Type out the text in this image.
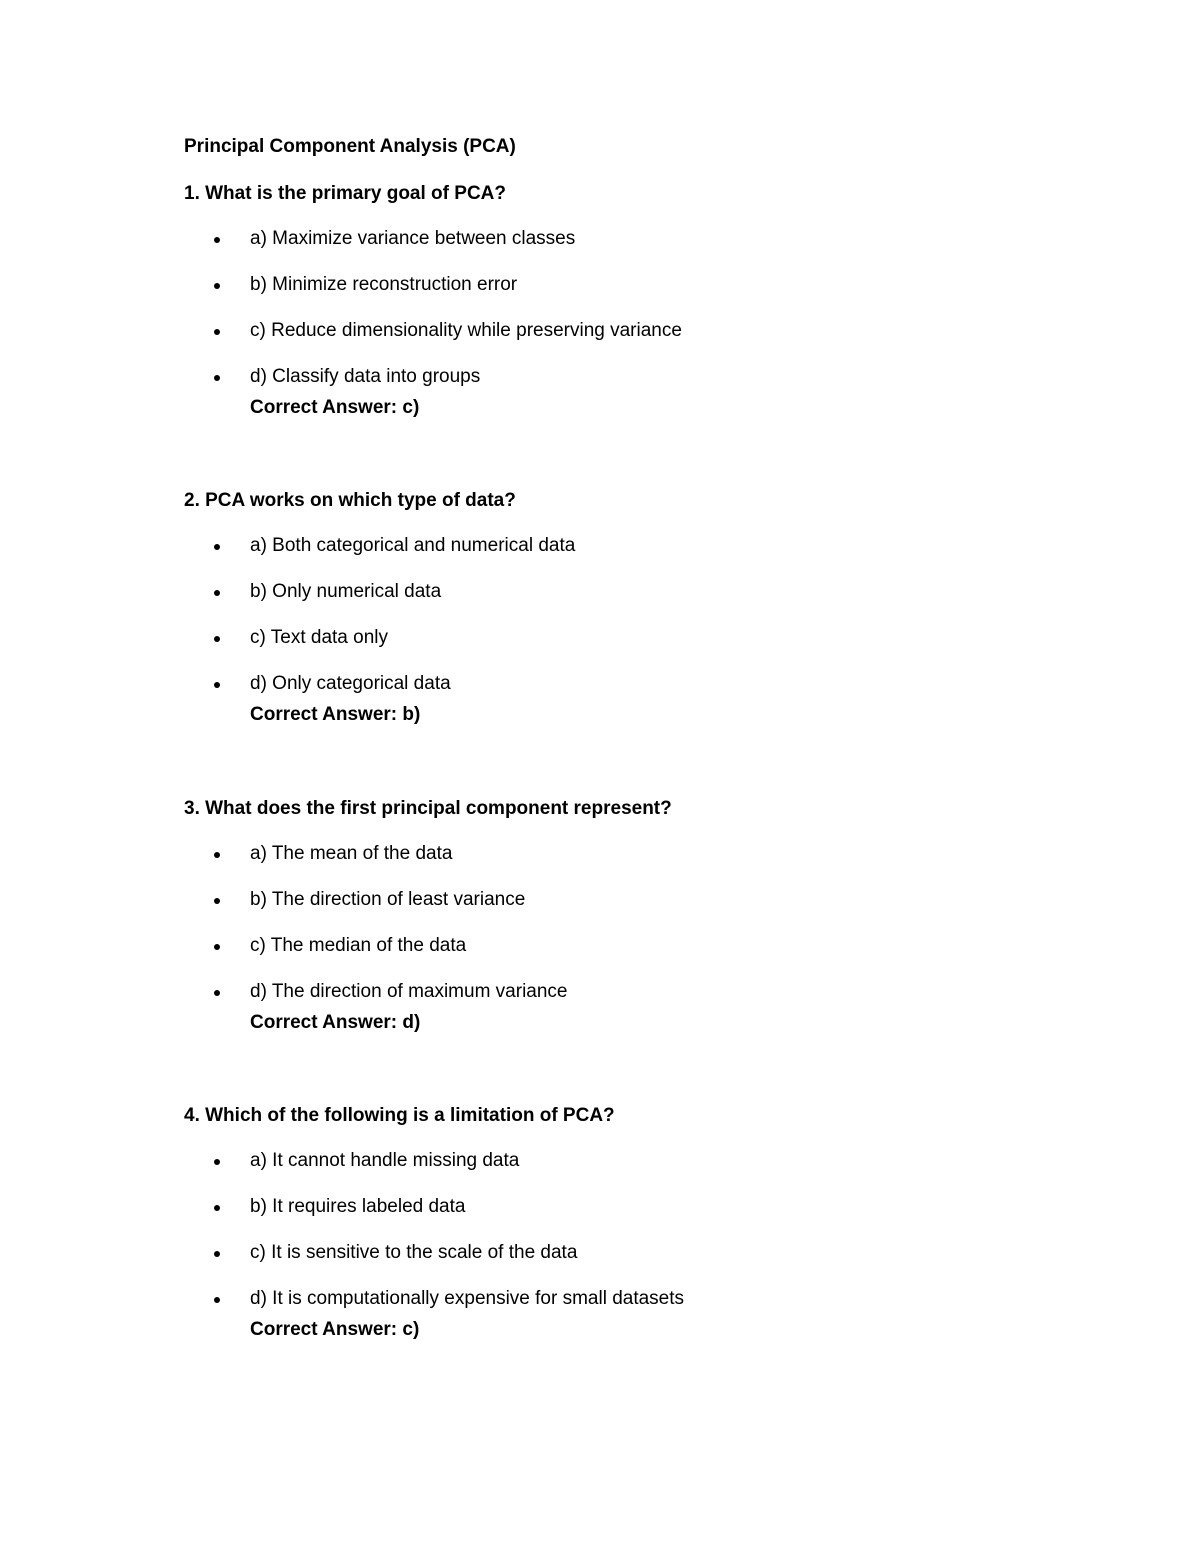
Principal Component Analysis (PCA)
1. What is the primary goal of PCA?
a) Maximize variance between classes
b) Minimize reconstruction error
c) Reduce dimensionality while preserving variance
d) Classify data into groups
Correct Answer: c)
2. PCA works on which type of data?
a) Both categorical and numerical data
b) Only numerical data
c) Text data only
d) Only categorical data
Correct Answer: b)
3. What does the first principal component represent?
a) The mean of the data
b) The direction of least variance
c) The median of the data
d) The direction of maximum variance
Correct Answer: d)
4. Which of the following is a limitation of PCA?
a) It cannot handle missing data
b) It requires labeled data
c) It is sensitive to the scale of the data
d) It is computationally expensive for small datasets
Correct Answer: c)
